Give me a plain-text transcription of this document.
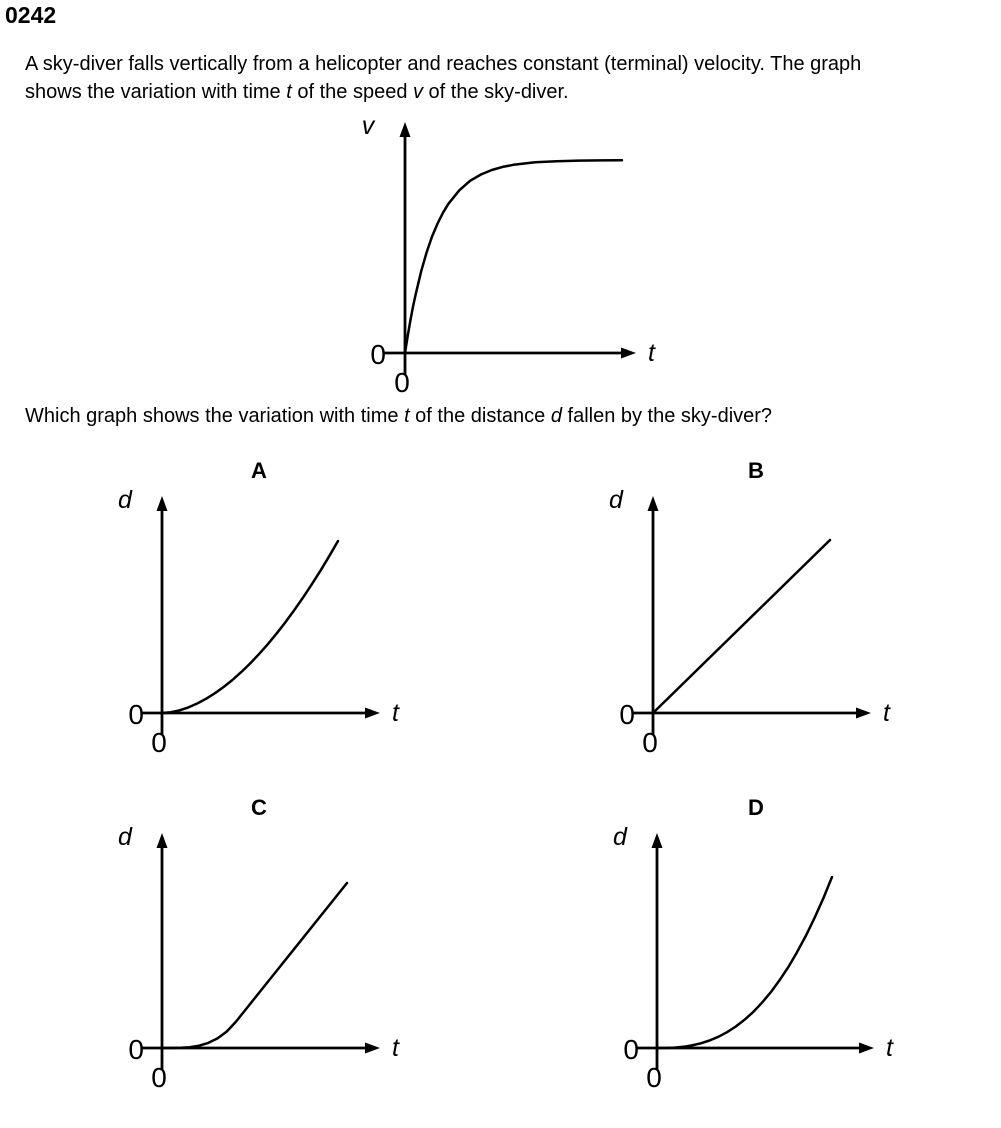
0242

A sky-diver falls vertically from a helicopter and reaches constant (terminal) velocity. The graph
shows the variation with time t of the speed v of the sky-diver.

v
t
0
0

Which graph shows the variation with time t of the distance d fallen by the sky-diver?

d
t
0
0
A
d
t
0
0
B
d
t
0
0
C
d
t
0
0
D
